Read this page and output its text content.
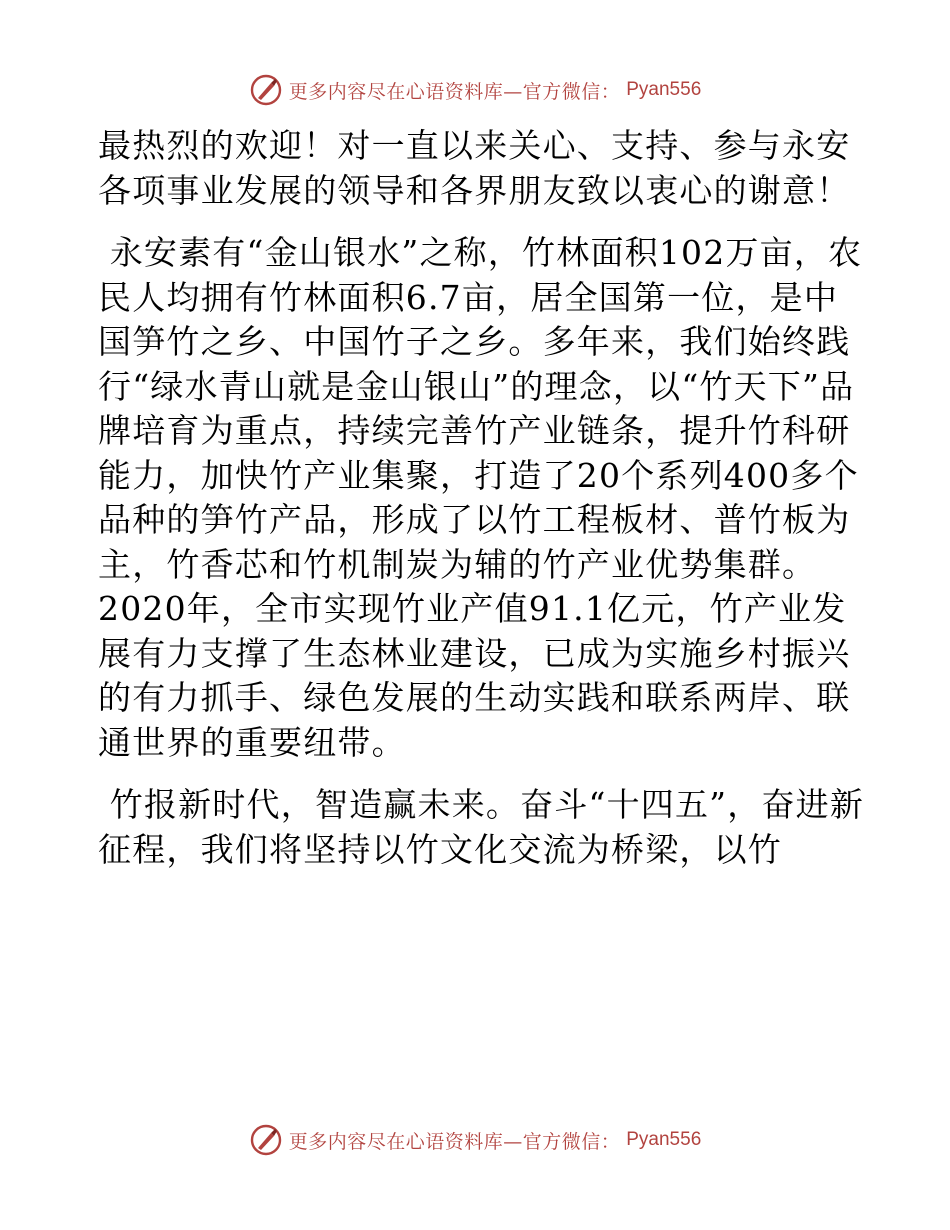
更多内容尽在心语资料库—官方微信： Pyan556

最热烈的欢迎！对一直以来关心、支持、参与永安各项事业发展的领导和各界朋友致以衷心的谢意！

永安素有“金山银水”之称，竹林面积102万亩，农民人均拥有竹林面积6.7亩，居全国第一位，是中国笋竹之乡、中国竹子之乡。多年来，我们始终践行“绿水青山就是金山银山”的理念，以“竹天下”品牌培育为重点，持续完善竹产业链条，提升竹科研能力，加快竹产业集聚，打造了20个系列400多个品种的笋竹产品，形成了以竹工程板材、普竹板为主，竹香芯和竹机制炭为辅的竹产业优势集群。2020年，全市实现竹业产值91.1亿元，竹产业发展有力支撑了生态林业建设，已成为实施乡村振兴的有力抓手、绿色发展的生动实践和联系两岸、联通世界的重要纽带。

竹报新时代，智造赢未来。奋斗“十四五”，奋进新征程，我们将坚持以竹文化交流为桥梁，以竹

更多内容尽在心语资料库—官方微信： Pyan556
